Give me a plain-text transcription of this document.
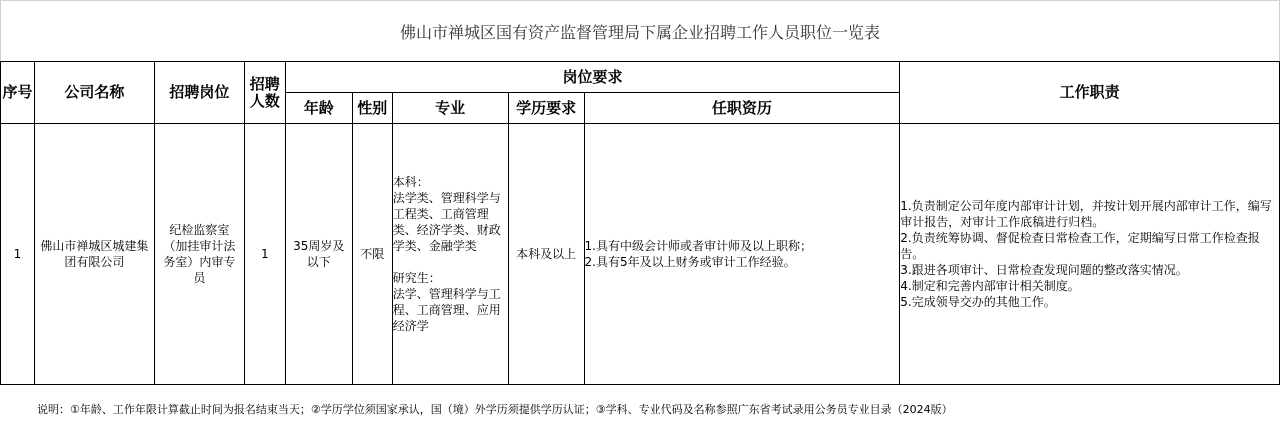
佛山市禅城区国有资产监督管理局下属企业招聘工作人员职位一览表									
序号	公司名称	招聘岗位	招聘人数	岗位要求					工作职责
				年龄	性别	专业	学历要求	任职资历	
1	佛山市禅城区城建集团有限公司	纪检监察室（加挂审计法务室）内审专员	1	35周岁及以下	不限	本科：
法学类、管理科学与工程类、工商管理类、经济学类、财政学类、金融学类
研究生：
法学、管理科学与工程、工商管理、应用经济学	本科及以上	1.具有中级会计师或者审计师及以上职称；
2.具有5年及以上财务或审计工作经验。	1.负责制定公司年度内部审计计划，并按计划开展内部审计工作，编写审计报告，对审计工作底稿进行归档。
2.负责统筹协调、督促检查日常检查工作，定期编写日常工作检查报告。
3.跟进各项审计、日常检查发现问题的整改落实情况。
4.制定和完善内部审计相关制度。
5.完成领导交办的其他工作。
说明：①年龄、工作年限计算截止时间为报名结束当天；②学历学位须国家承认，国（境）外学历须提供学历认证；③学科、专业代码及名称参照广东省考试录用公务员专业目录（2024版）
